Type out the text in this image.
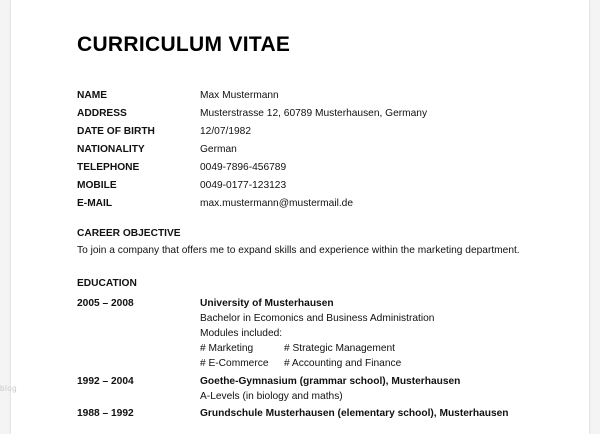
CURRICULUM VITAE
NAME	Max Mustermann
ADDRESS	Musterstrasse 12, 60789 Musterhausen, Germany
DATE OF BIRTH	12/07/1982
NATIONALITY	German
TELEPHONE	0049-7896-456789
MOBILE	0049-0177-123123
E-MAIL	max.mustermann@mustermail.de
CAREER OBJECTIVE
To join a company that offers me to expand skills and experience within the marketing department.
EDUCATION
2005 – 2008	University of Musterhausen
Bachelor in Ecomonics and Business Administration
Modules included:
# Marketing	# Strategic Management
# E-Commerce # Accounting and Finance
1992 – 2004	Goethe-Gymnasium (grammar school), Musterhausen
A-Levels (in biology and maths)
1988 – 1992	Grundschule Musterhausen (elementary school), Musterhausen
blog
